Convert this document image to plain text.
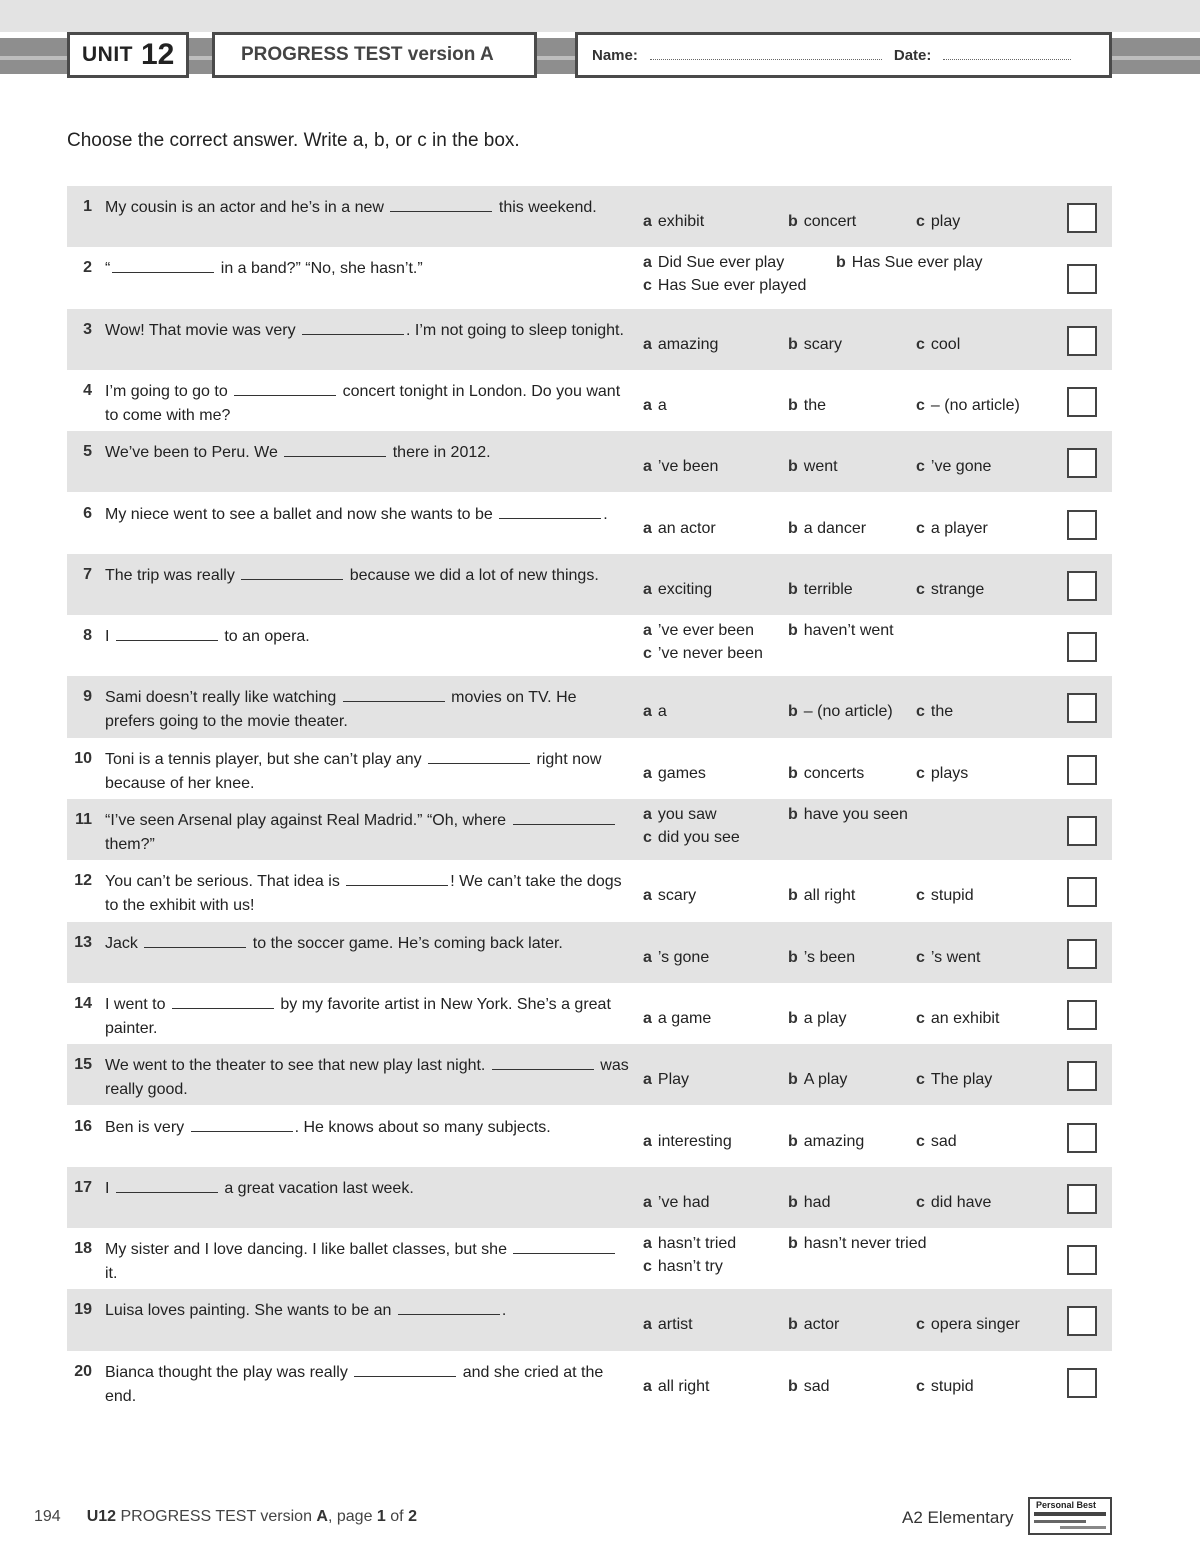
UNIT 12	PROGRESS TEST version A	Name:	Date:
Choose the correct answer. Write a, b, or c in the box.
1 My cousin is an actor and he’s in a new	this weekend.
a exhibit	b concert	c play
2 “	in a band?” “No, she hasn’t.”	a Did Sue ever play	b Has Sue ever play
c Has Sue ever played
3 Wow! That movie was very	. I’m not going to sleep tonight.
a amazing	b scary	c cool
4 I’m going to go to	concert tonight in London. Do you want to come with me?
a a	b the	c – (no article)
5 We’ve been to Peru. We	there in 2012.
a ’ve been	b went	c ’ve gone
6 My niece went to see a ballet and now she wants to be	.
a an actor	b a dancer	c a player
7 The trip was really	because we did a lot of new things.
a exciting	b terrible	c strange
8 I	to an opera.	a ’ve ever been b haven’t went
c ’ve never been
9 Sami doesn’t really like watching	movies on TV. He prefers going to the movie theater.
a a	b – (no article) c the
10 Toni is a tennis player, but she can’t play any	right now because of her knee.
a games	b concerts	c plays
11 “I’ve seen Arsenal play against Real Madrid.” “Oh, where  them?”
a you saw	b have you seen
c did you see
12 You can’t be serious. That idea is	! We can’t take the dogs to the exhibit with us!
a scary	b all right	c stupid
13 Jack	to the soccer game. He’s coming back later.
a ’s gone	b ’s been	c ’s went
14 I went to	by my favorite artist in New York. She’s a great painter.
a a game	b a play	c an exhibit
15 We went to the theater to see that new play last night.	was really good.
a Play	b A play	c The play
16 Ben is very	. He knows about so many subjects.
a interesting	b amazing	c sad
17 I	a great vacation last week.
a ’ve had	b had	c did have
18 My sister and I love dancing. I like ballet classes, but she  it.
a hasn’t tried	b hasn’t never tried
c hasn’t try
19 Luisa loves painting. She wants to be an	.
a artist	b actor	c opera singer
20 Bianca thought the play was really	and she cried at the end.
a all right	b sad	c stupid
194 U12 PROGRESS TEST version A, page 1 of 2	A2 Elementary
Personal Best
